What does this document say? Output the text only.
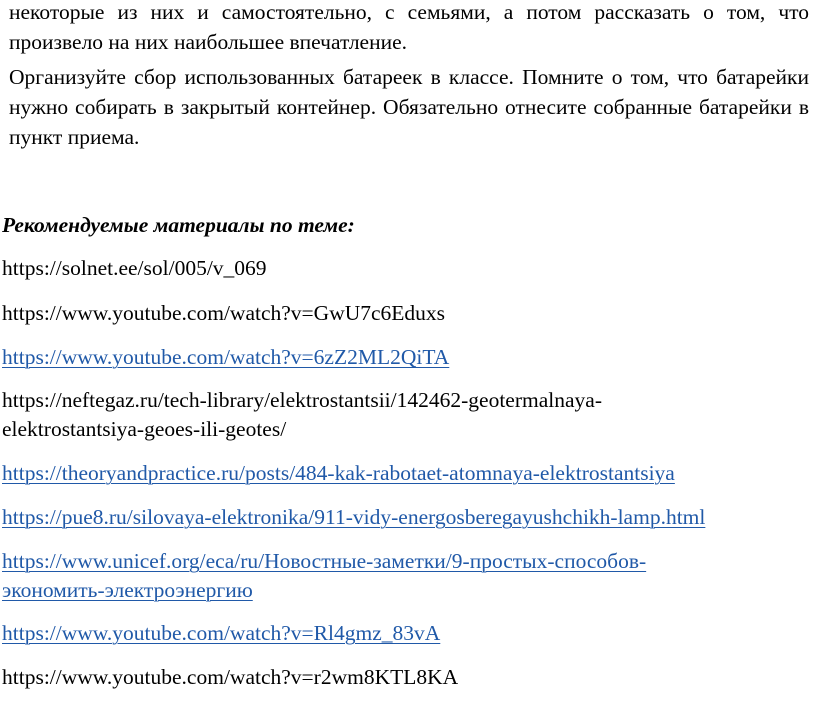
некоторые из них и самостоятельно, с семьями, а потом рассказать о том, что произвело на них наибольшее впечатление.

Организуйте сбор использованных батареек в классе. Помните о том, что батарейки нужно собирать в закрытый контейнер. Обязательно отнесите собранные батарейки в пункт приема.

Рекомендуемые материалы по теме:

https://solnet.ee/sol/005/v_069

https://www.youtube.com/watch?v=GwU7c6Eduxs

https://www.youtube.com/watch?v=6zZ2ML2QiTA

https://neftegaz.ru/tech-library/elektrostantsii/142462-geotermalnaya-
elektrostantsiya-geoes-ili-geotes/

https://theoryandpractice.ru/posts/484-kak-rabotaet-atomnaya-elektrostantsiya

https://pue8.ru/silovaya-elektronika/911-vidy-energosberegayushchikh-lamp.html

https://www.unicef.org/eca/ru/Новостные-заметки/9-простых-способов-
экономить-электроэнергию

https://www.youtube.com/watch?v=Rl4gmz_83vA

https://www.youtube.com/watch?v=r2wm8KTL8KA
